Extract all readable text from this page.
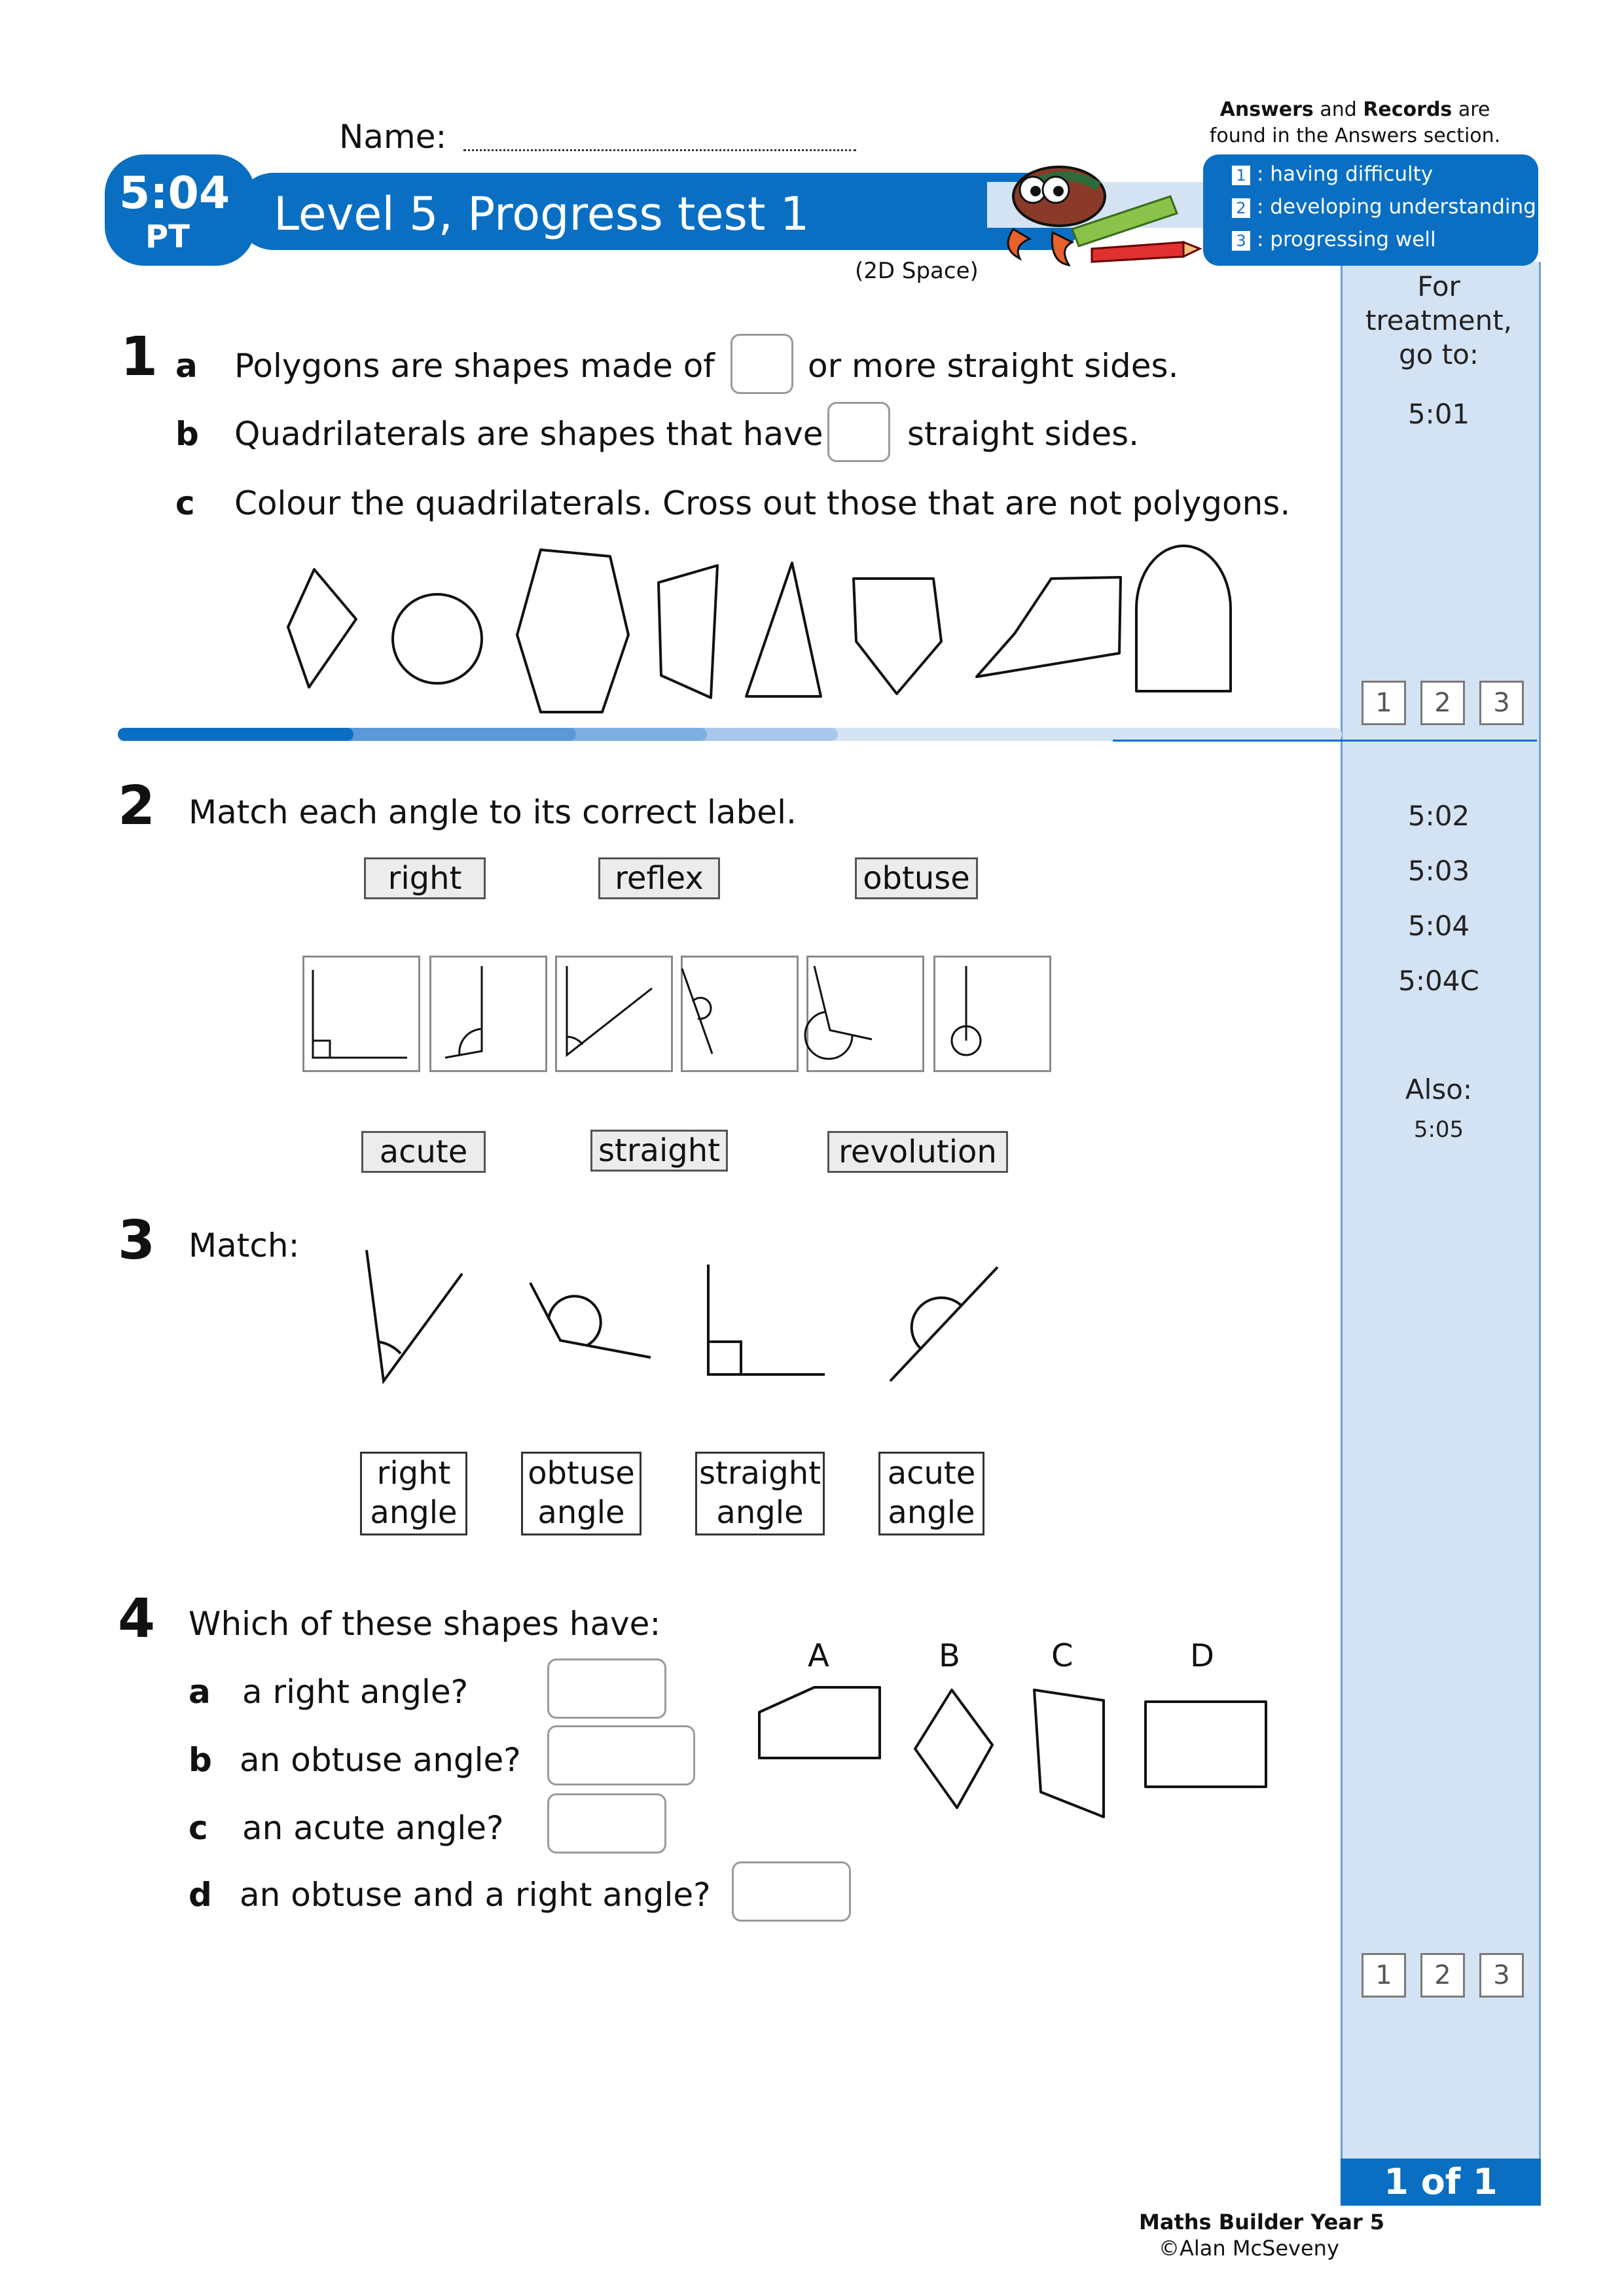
For treatment,
go to:
5:01
1	2	3
5:02
5:03
5:04
5:04C
Also:
5:05
1	2	3
1 of 1
Name:
5:04
PT Level 5, Progress test 1
(2D Space)
Answers and Records are
found in the Answers section.
1 : having difficulty
2 : developing understanding
3 : progressing well
1 a Polygons are shapes made of	or more straight sides.
b Quadrilaterals are shapes that have	straight sides.
c Colour the quadrilaterals. Cross out those that are not polygons.
2 Match each angle to its correct label.
right	reflex	obtuse
acute	straight	revolution
3 Match:
right
angle
obtuse
angle
straight
angle
acute
angle
4 Which of these shapes have:
a a right angle?
b an obtuse angle?
c an acute angle?
d an obtuse and a right angle?
A	B	C	D
Maths Builder Year 5
©Alan McSeveny
